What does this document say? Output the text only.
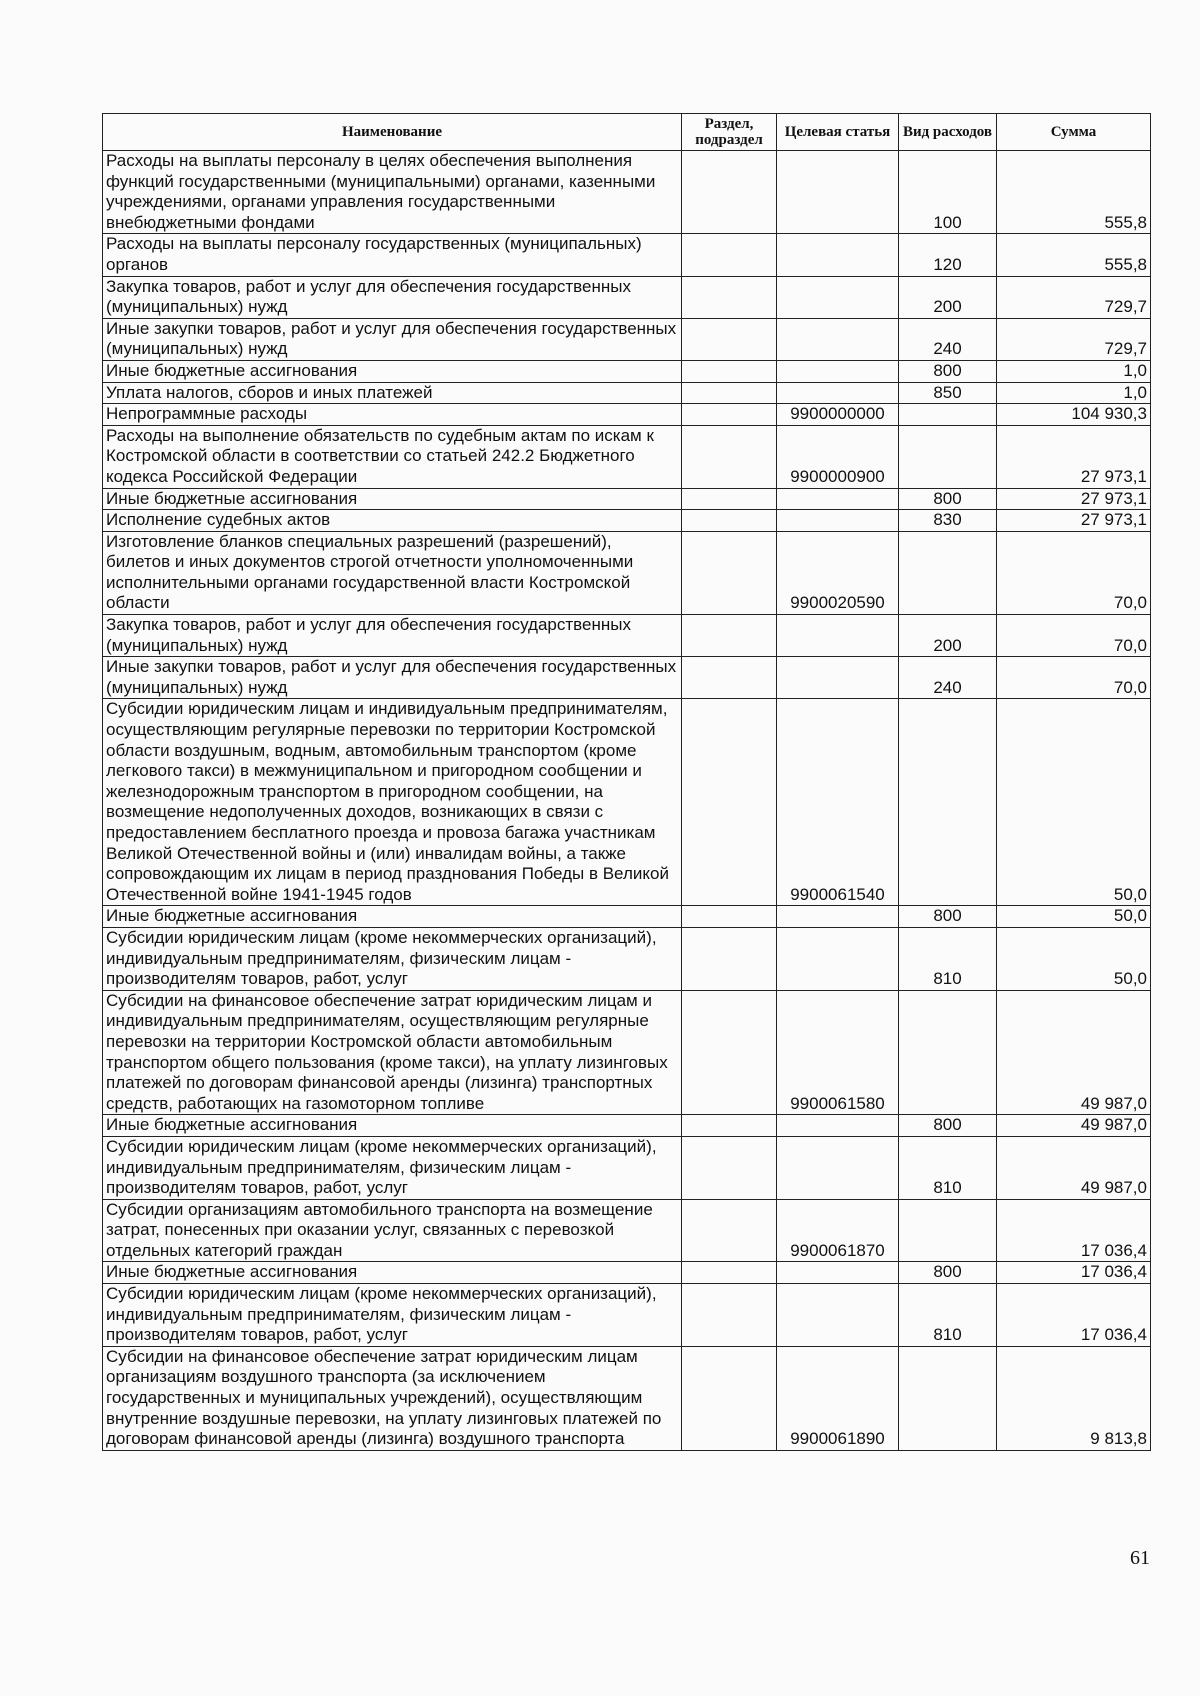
Наименование	Раздел, подраздел	Целевая статья	Вид расходов	Сумма
Расходы на выплаты персоналу в целях обеспечения выполнения функций государственными (муниципальными) органами, казенными учреждениями, органами управления государственными внебюджетными фондами			100	555,8
Расходы на выплаты персоналу государственных (муниципальных) органов			120	555,8
Закупка товаров, работ и услуг для обеспечения государственных (муниципальных) нужд			200	729,7
Иные закупки товаров, работ и услуг для обеспечения государственных (муниципальных) нужд			240	729,7
Иные бюджетные ассигнования			800	1,0
Уплата налогов, сборов и иных платежей			850	1,0
Непрограммные расходы		9900000000		104 930,3
Расходы на выполнение обязательств по судебным актам по искам к Костромской области в соответствии со статьей 242.2 Бюджетного кодекса Российской Федерации		9900000900		27 973,1
Иные бюджетные ассигнования			800	27 973,1
Исполнение судебных актов			830	27 973,1
Изготовление бланков специальных разрешений (разрешений), билетов и иных документов строгой отчетности уполномоченными исполнительными органами государственной власти Костромской области		9900020590		70,0
Закупка товаров, работ и услуг для обеспечения государственных (муниципальных) нужд			200	70,0
Иные закупки товаров, работ и услуг для обеспечения государственных (муниципальных) нужд			240	70,0
Субсидии юридическим лицам и индивидуальным предпринимателям, осуществляющим регулярные перевозки по территории Костромской области воздушным, водным, автомобильным транспортом (кроме легкового такси) в межмуниципальном и пригородном сообщении и железнодорожным транспортом в пригородном сообщении, на возмещение недополученных доходов, возникающих в связи с предоставлением бесплатного проезда и провоза багажа участникам Великой Отечественной войны и (или) инвалидам войны, а также сопровождающим их лицам в период празднования Победы в Великой Отечественной войне 1941-1945 годов		9900061540		50,0
Иные бюджетные ассигнования			800	50,0
Субсидии юридическим лицам (кроме некоммерческих организаций), индивидуальным предпринимателям, физическим лицам - производителям товаров, работ, услуг			810	50,0
Субсидии на финансовое обеспечение затрат юридическим лицам и индивидуальным предпринимателям, осуществляющим регулярные перевозки на территории Костромской области автомобильным транспортом общего пользования (кроме такси), на уплату лизинговых платежей по договорам финансовой аренды (лизинга) транспортных средств, работающих на газомоторном топливе		9900061580		49 987,0
Иные бюджетные ассигнования			800	49 987,0
Субсидии юридическим лицам (кроме некоммерческих организаций), индивидуальным предпринимателям, физическим лицам - производителям товаров, работ, услуг			810	49 987,0
Субсидии организациям автомобильного транспорта на возмещение затрат, понесенных при оказании услуг, связанных с перевозкой отдельных категорий граждан		9900061870		17 036,4
Иные бюджетные ассигнования			800	17 036,4
Субсидии юридическим лицам (кроме некоммерческих организаций), индивидуальным предпринимателям, физическим лицам - производителям товаров, работ, услуг			810	17 036,4
Субсидии на финансовое обеспечение затрат юридическим лицам организациям воздушного транспорта (за исключением государственных и муниципальных учреждений), осуществляющим внутренние воздушные перевозки, на уплату лизинговых платежей по договорам финансовой аренды (лизинга) воздушного транспорта		9900061890		9 813,8
61
